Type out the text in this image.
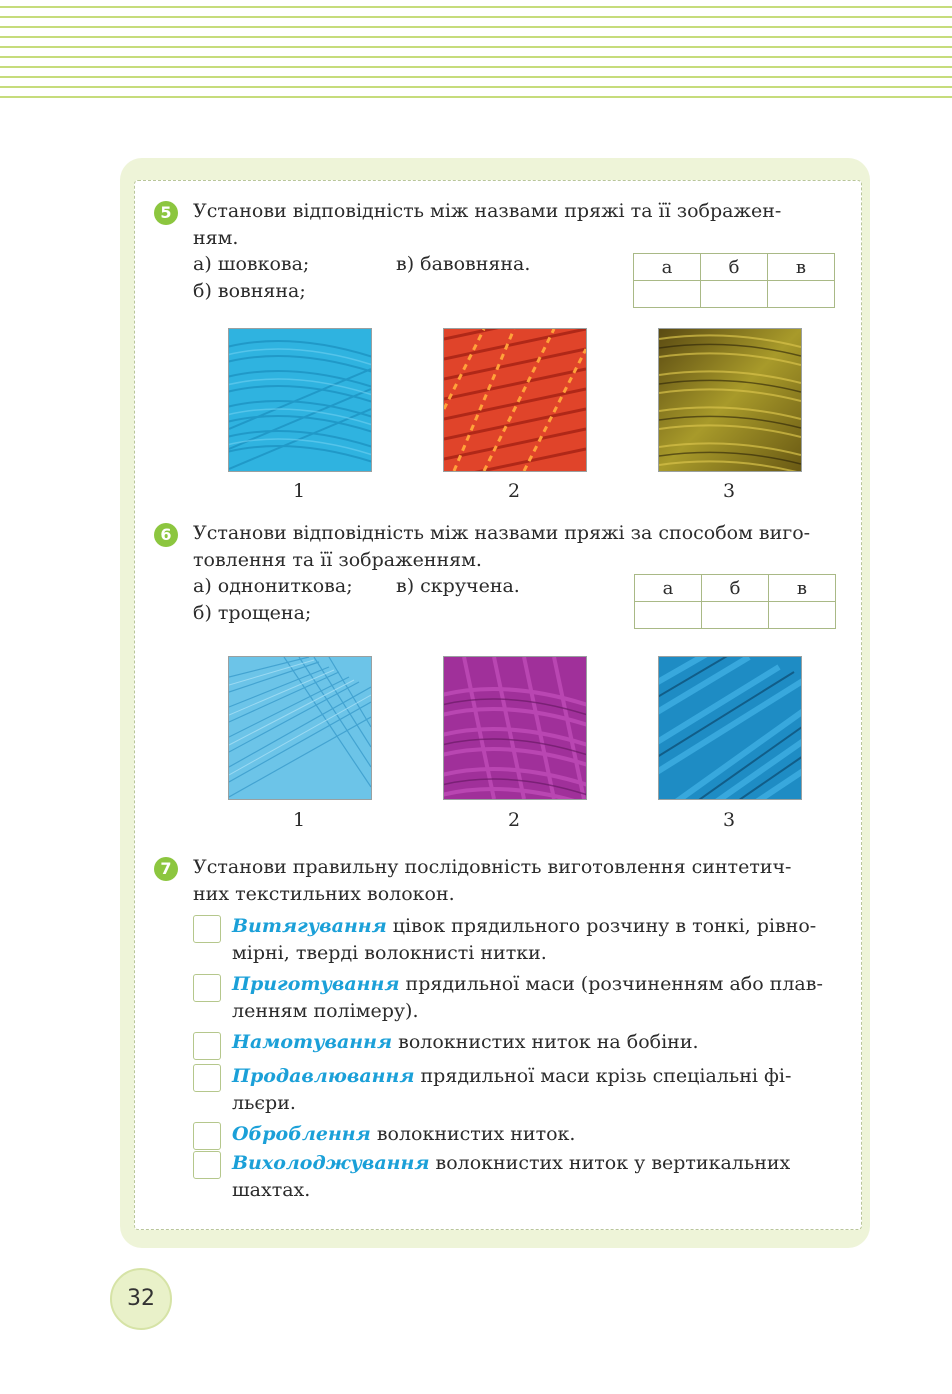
5	Установи відповідність між назвами пряжі та її зображен-
ням.
а) шовкова;	в) бавовняна.
б) вовняна;
а	б	в

1	2	3
6	Установи відповідність між назвами пряжі за способом виго-
товлення та її зображенням.
а) однониткова; в) скручена.
б) трощена;
а	б	в

1	2	3
7	Установи правильну послідовність виготовлення синтетич-
них текстильних волокон.
Витягування цівок прядильного розчину в тонкі, рівно-
мірні, тверді волокнисті нитки.
Приготування прядильної маси (розчиненням або плав-
ленням полімеру).
Намотування волокнистих ниток на бобіни.
Продавлювання прядильної маси крізь спеціальні фі-
льєри.
Оброблення волокнистих ниток.
Вихолоджування волокнистих ниток у вертикальних
шахтах.
32
